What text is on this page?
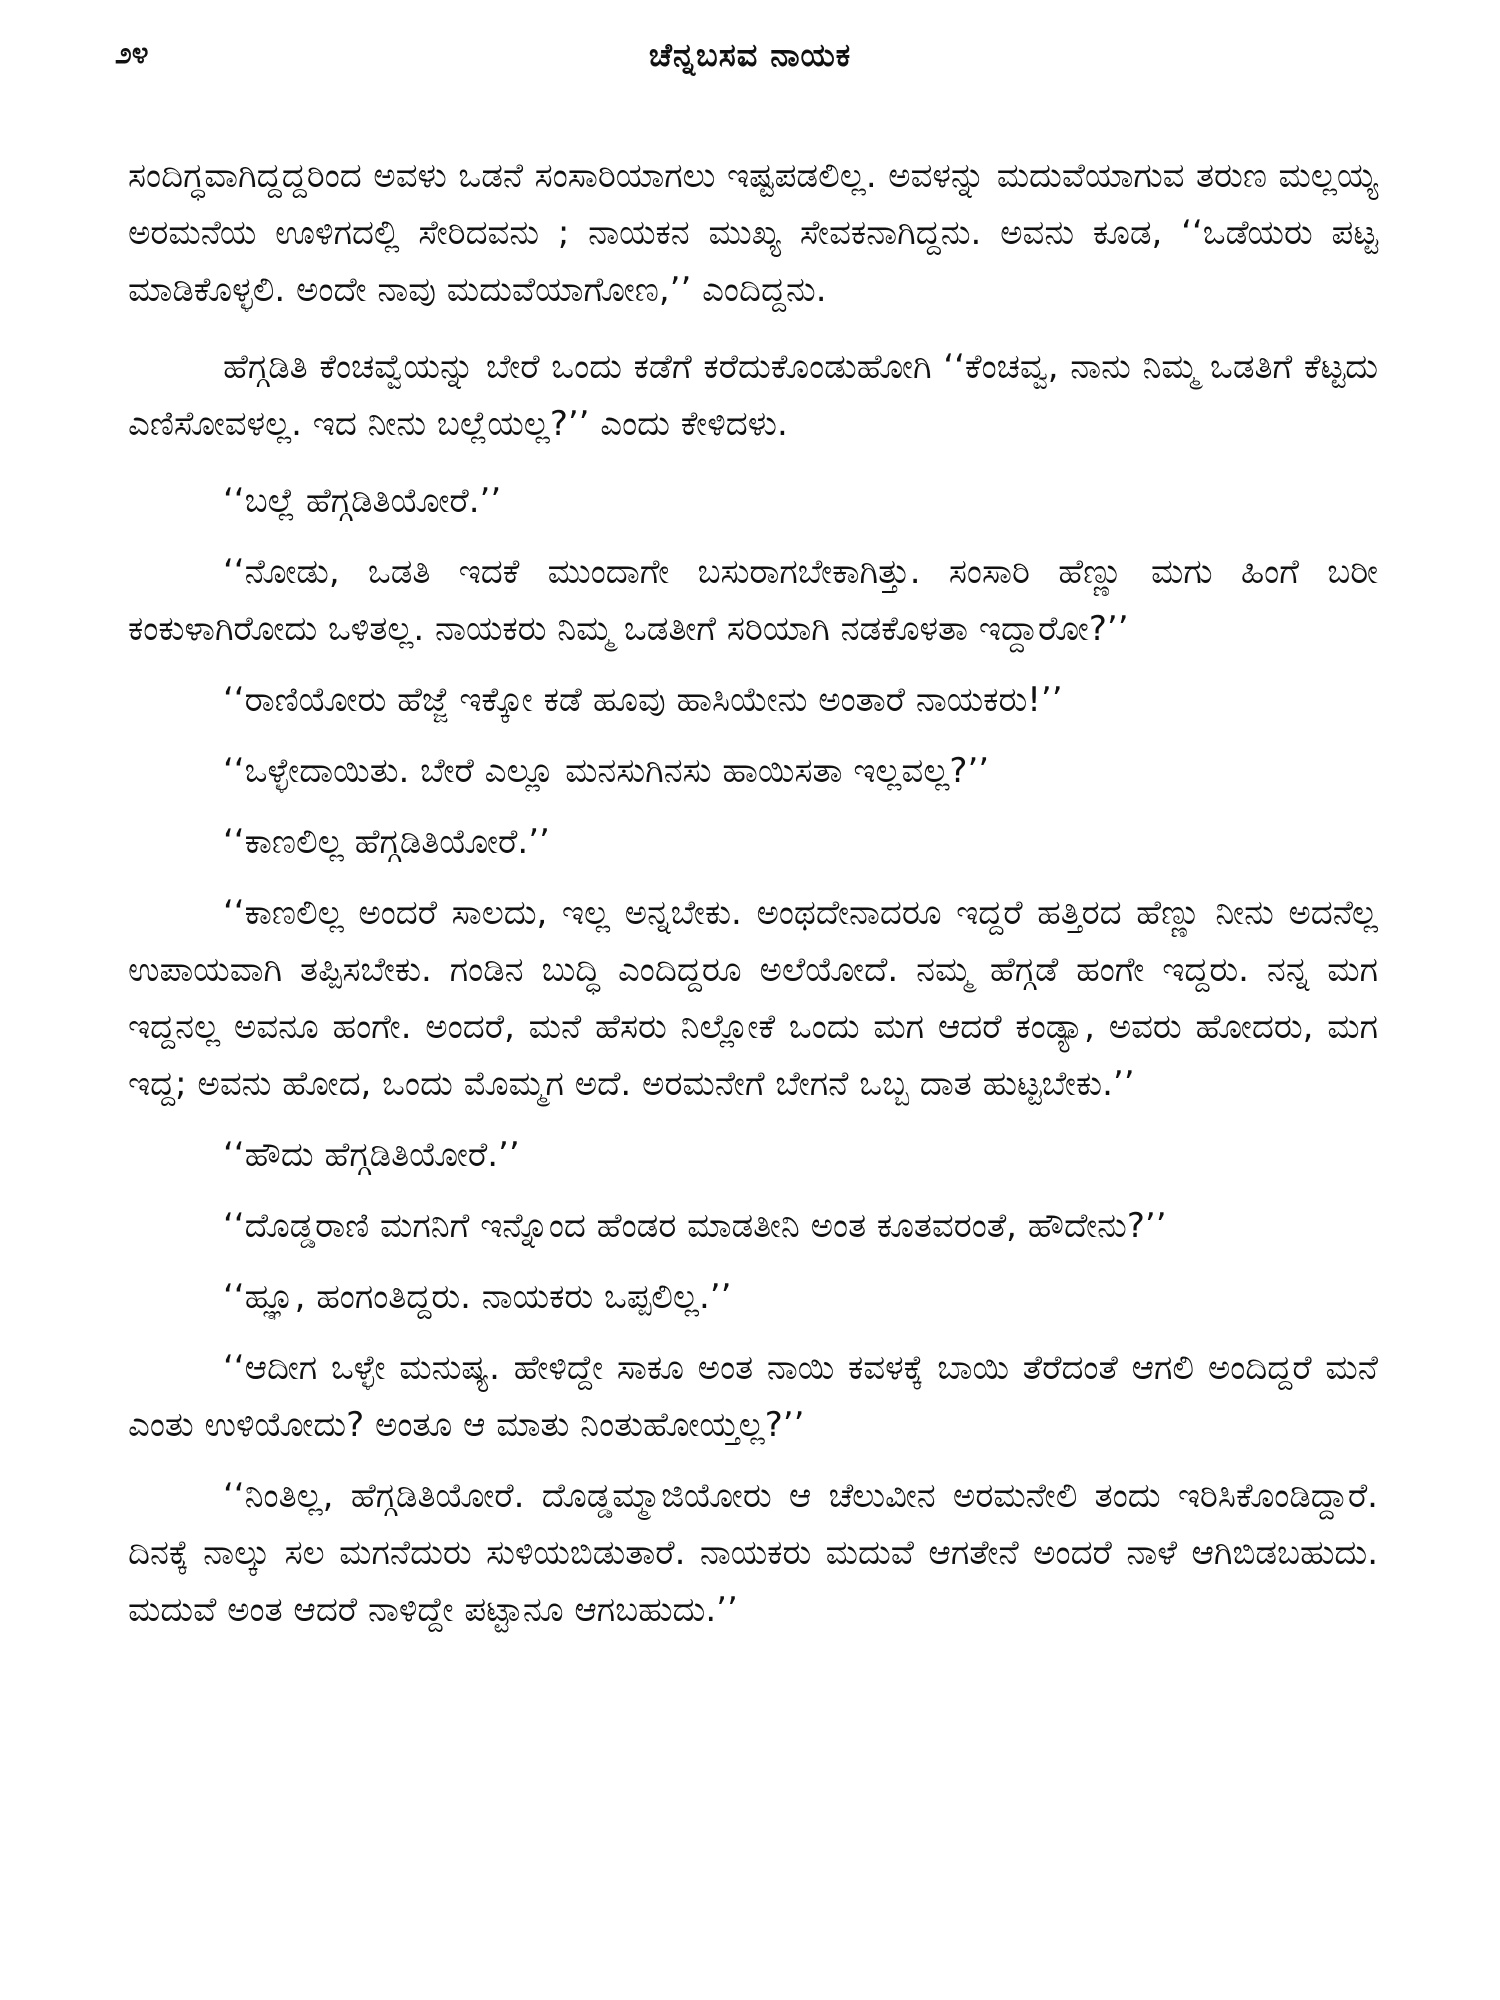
೨೪	ಚೆನ್ನಬಸವ ನಾಯಕ

ಸಂದಿಗ್ಧವಾಗಿದ್ದದ್ದರಿಂದ ಅವಳು ಒಡನೆ ಸಂಸಾರಿಯಾಗಲು ಇಷ್ಟಪಡಲಿಲ್ಲ. ಅವಳನ್ನು ಮದುವೆಯಾಗುವ ತರುಣ ಮಲ್ಲಯ್ಯ ಅರಮನೆಯ ಊಳಿಗದಲ್ಲಿ ಸೇರಿದವನು ; ನಾಯಕನ ಮುಖ್ಯ ಸೇವಕನಾಗಿದ್ದನು. ಅವನು ಕೂಡ, ‘‘ಒಡೆಯರು ಪಟ್ಟ ಮಾಡಿಕೊಳ್ಳಲಿ. ಅಂದೇ ನಾವು ಮದುವೆಯಾಗೋಣ,’’ ಎಂದಿದ್ದನು.

ಹೆಗ್ಗಡಿತಿ ಕೆಂಚವ್ವೆಯನ್ನು ಬೇರೆ ಒಂದು ಕಡೆಗೆ ಕರೆದುಕೊಂಡುಹೋಗಿ ‘‘ಕೆಂಚವ್ವ, ನಾನು ನಿಮ್ಮ ಒಡತಿಗೆ ಕೆಟ್ಟದು ಎಣಿಸೋವಳಲ್ಲ. ಇದ ನೀನು ಬಲ್ಲೆಯಲ್ಲ?’’ ಎಂದು ಕೇಳಿದಳು.

‘‘ಬಲ್ಲೆ ಹೆಗ್ಗಡಿತಿಯೋರೆ.’’

‘‘ನೋಡು, ಒಡತಿ ಇದಕೆ ಮುಂದಾಗೇ ಬಸುರಾಗಬೇಕಾಗಿತ್ತು. ಸಂಸಾರಿ ಹೆಣ್ಣು ಮಗು ಹಿಂಗೆ ಬರೀ ಕಂಕುಳಾಗಿರೋದು ಒಳಿತಲ್ಲ. ನಾಯಕರು ನಿಮ್ಮ ಒಡತೀಗೆ ಸರಿಯಾಗಿ ನಡಕೊಳತಾ ಇದ್ದಾರೋ?’’

‘‘ರಾಣಿಯೋರು ಹೆಜ್ಜೆ ಇಕ್ಕೋ ಕಡೆ ಹೂವು ಹಾಸಿಯೇನು ಅಂತಾರೆ ನಾಯಕರು!’’

‘‘ಒಳ್ಳೇದಾಯಿತು. ಬೇರೆ ಎಲ್ಲೂ ಮನಸುಗಿನಸು ಹಾಯಿಸತಾ ಇಲ್ಲವಲ್ಲ?’’

‘‘ಕಾಣಲಿಲ್ಲ ಹೆಗ್ಗಡಿತಿಯೋರೆ.’’

‘‘ಕಾಣಲಿಲ್ಲ ಅಂದರೆ ಸಾಲದು, ಇಲ್ಲ ಅನ್ನಬೇಕು. ಅಂಥದೇನಾದರೂ ಇದ್ದರೆ ಹತ್ತಿರದ ಹೆಣ್ಣು ನೀನು ಅದನೆಲ್ಲ ಉಪಾಯವಾಗಿ ತಪ್ಪಿಸಬೇಕು. ಗಂಡಿನ ಬುದ್ಧಿ ಎಂದಿದ್ದರೂ ಅಲೆಯೋದೆ. ನಮ್ಮ ಹೆಗ್ಗಡೆ ಹಂಗೇ ಇದ್ದರು. ನನ್ನ ಮಗ ಇದ್ದನಲ್ಲ ಅವನೂ ಹಂಗೇ. ಅಂದರೆ, ಮನೆ ಹೆಸರು ನಿಲ್ಲೋಕೆ ಒಂದು ಮಗ ಆದರೆ ಕಂಡ್ಯಾ, ಅವರು ಹೋದರು, ಮಗ ಇದ್ದ; ಅವನು ಹೋದ, ಒಂದು ಮೊಮ್ಮಗ ಅದೆ. ಅರಮನೇಗೆ ಬೇಗನೆ ಒಬ್ಬ ದಾತ ಹುಟ್ಟಬೇಕು.’’

‘‘ಹೌದು ಹೆಗ್ಗಡಿತಿಯೋರೆ.’’

‘‘ದೊಡ್ಡರಾಣಿ ಮಗನಿಗೆ ಇನ್ನೊಂದ ಹೆಂಡರ ಮಾಡತೀನಿ ಅಂತ ಕೂತವರಂತೆ, ಹೌದೇನು?’’

‘‘ಹ್ಞೂ, ಹಂಗಂತಿದ್ದರು. ನಾಯಕರು ಒಪ್ಪಲಿಲ್ಲ.’’

‘‘ಆದೀಗ ಒಳ್ಳೇ ಮನುಷ್ಯ. ಹೇಳಿದ್ದೇ ಸಾಕೂ ಅಂತ ನಾಯಿ ಕವಳಕ್ಕೆ ಬಾಯಿ ತೆರೆದಂತೆ ಆಗಲಿ ಅಂದಿದ್ದರೆ ಮನೆ ಎಂತು ಉಳಿಯೋದು? ಅಂತೂ ಆ ಮಾತು ನಿಂತುಹೋಯ್ತಲ್ಲ?’’

‘‘ನಿಂತಿಲ್ಲ, ಹೆಗ್ಗಡಿತಿಯೋರೆ. ದೊಡ್ಡಮ್ಮಾಜಿಯೋರು ಆ ಚೆಲುವೀನ ಅರಮನೇಲಿ ತಂದು ಇರಿಸಿಕೊಂಡಿದ್ದಾರೆ. ದಿನಕ್ಕೆ ನಾಲ್ಕು ಸಲ ಮಗನೆದುರು ಸುಳಿಯಬಿಡುತಾರೆ. ನಾಯಕರು ಮದುವೆ ಆಗತೇನೆ ಅಂದರೆ ನಾಳೆ ಆಗಿಬಿಡಬಹುದು. ಮದುವೆ ಅಂತ ಆದರೆ ನಾಳಿದ್ದೇ ಪಟ್ಟಾನೂ ಆಗಬಹುದು.’’
